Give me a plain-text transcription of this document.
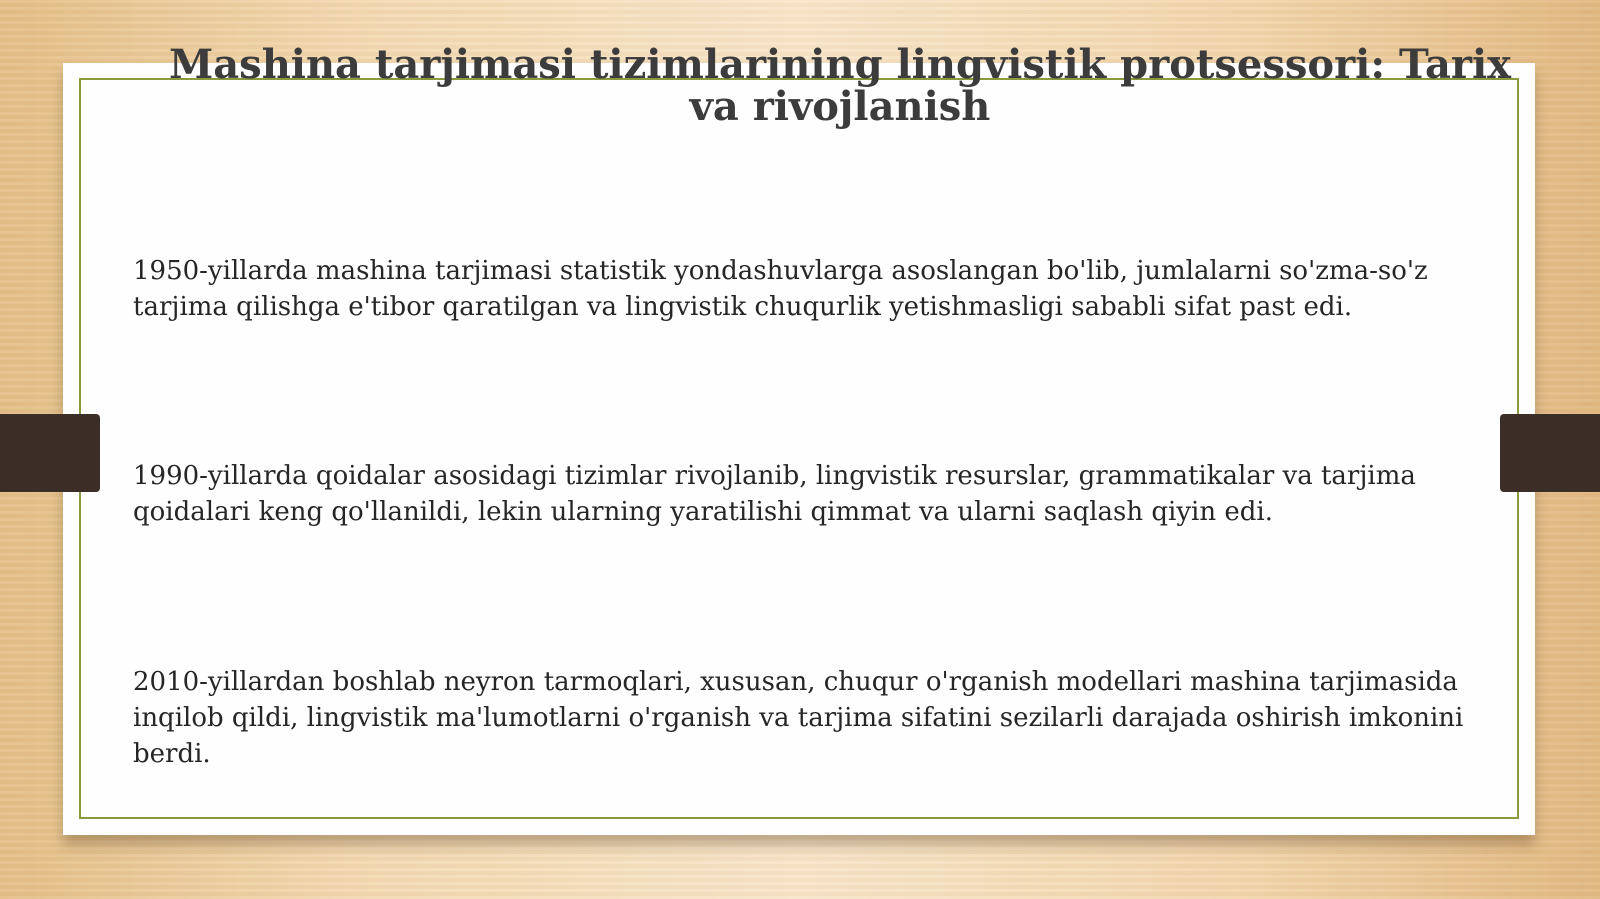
Mashina tarjimasi tizimlarining lingvistik protsessori: Tarix va rivojlanish

1950-yillarda mashina tarjimasi statistik yondashuvlarga asoslangan bo'lib, jumlalarni so'zma-so'z tarjima qilishga e'tibor qaratilgan va lingvistik chuqurlik yetishmasligi sababli sifat past edi.

1990-yillarda qoidalar asosidagi tizimlar rivojlanib, lingvistik resurslar, grammatikalar va tarjima qoidalari keng qo'llanildi, lekin ularning yaratilishi qimmat va ularni saqlash qiyin edi.

2010-yillardan boshlab neyron tarmoqlari, xususan, chuqur o'rganish modellari mashina tarjimasida inqilob qildi, lingvistik ma'lumotlarni o'rganish va tarjima sifatini sezilarli darajada oshirish imkonini berdi.
